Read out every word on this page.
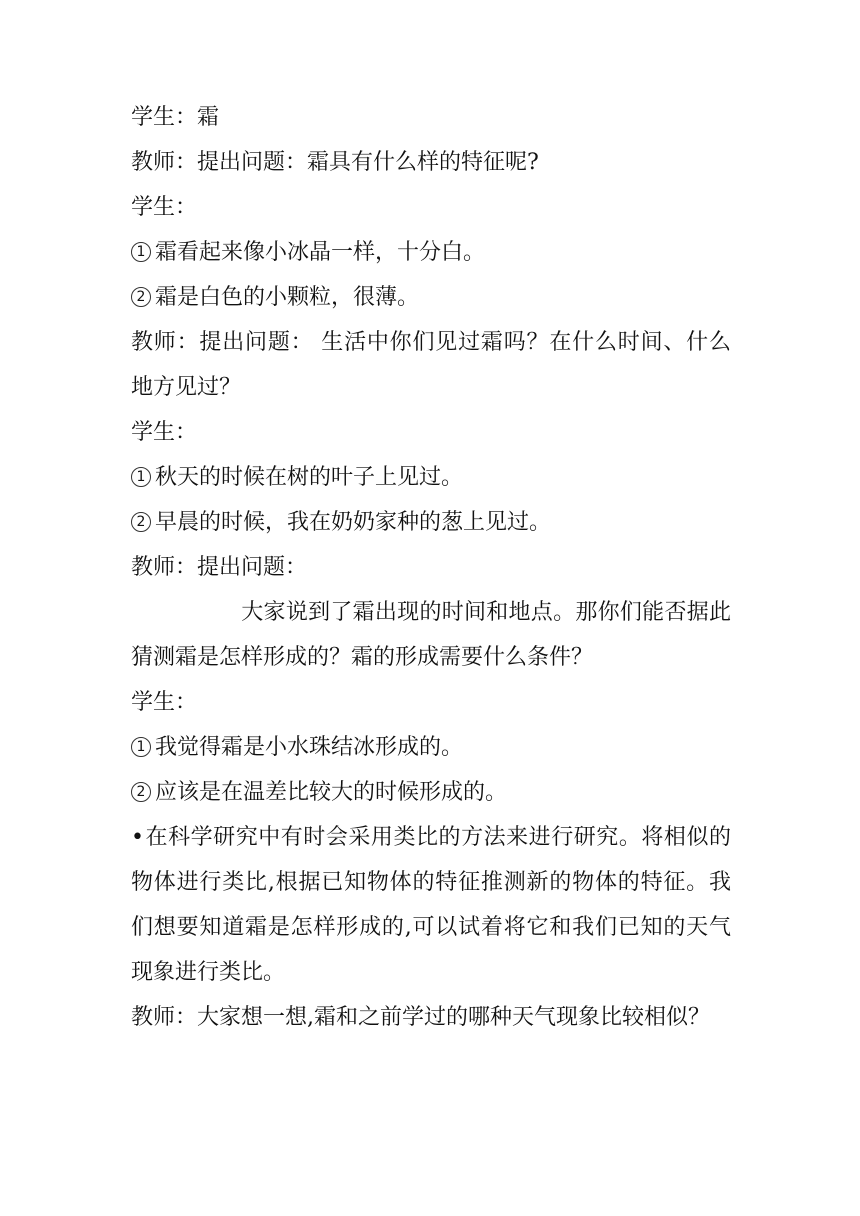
学生：霜

教师：提出问题：霜具有什么样的特征呢?

学生：

1 霜看起来像小冰晶一样，十分白。

2 霜是白色的小颗粒，很薄。

教师：提出问题： 生活中你们见过霜吗？在什么时间、什么地方见过？

学生：

1 秋天的时候在树的叶子上见过。

2 早晨的时候，我在奶奶家种的葱上见过。

教师：提出问题：

大家说到了霜出现的时间和地点。那你们能否据此猜测霜是怎样形成的？霜的形成需要什么条件？

学生：

1 我觉得霜是小水珠结冰形成的。

2 应该是在温差比较大的时候形成的。

•在科学研究中有时会采用类比的方法来进行研究。将相似的物体进行类比,根据已知物体的特征推测新的物体的特征。我们想要知道霜是怎样形成的,可以试着将它和我们已知的天气现象进行类比。

教师：大家想一想,霜和之前学过的哪种天气现象比较相似？
